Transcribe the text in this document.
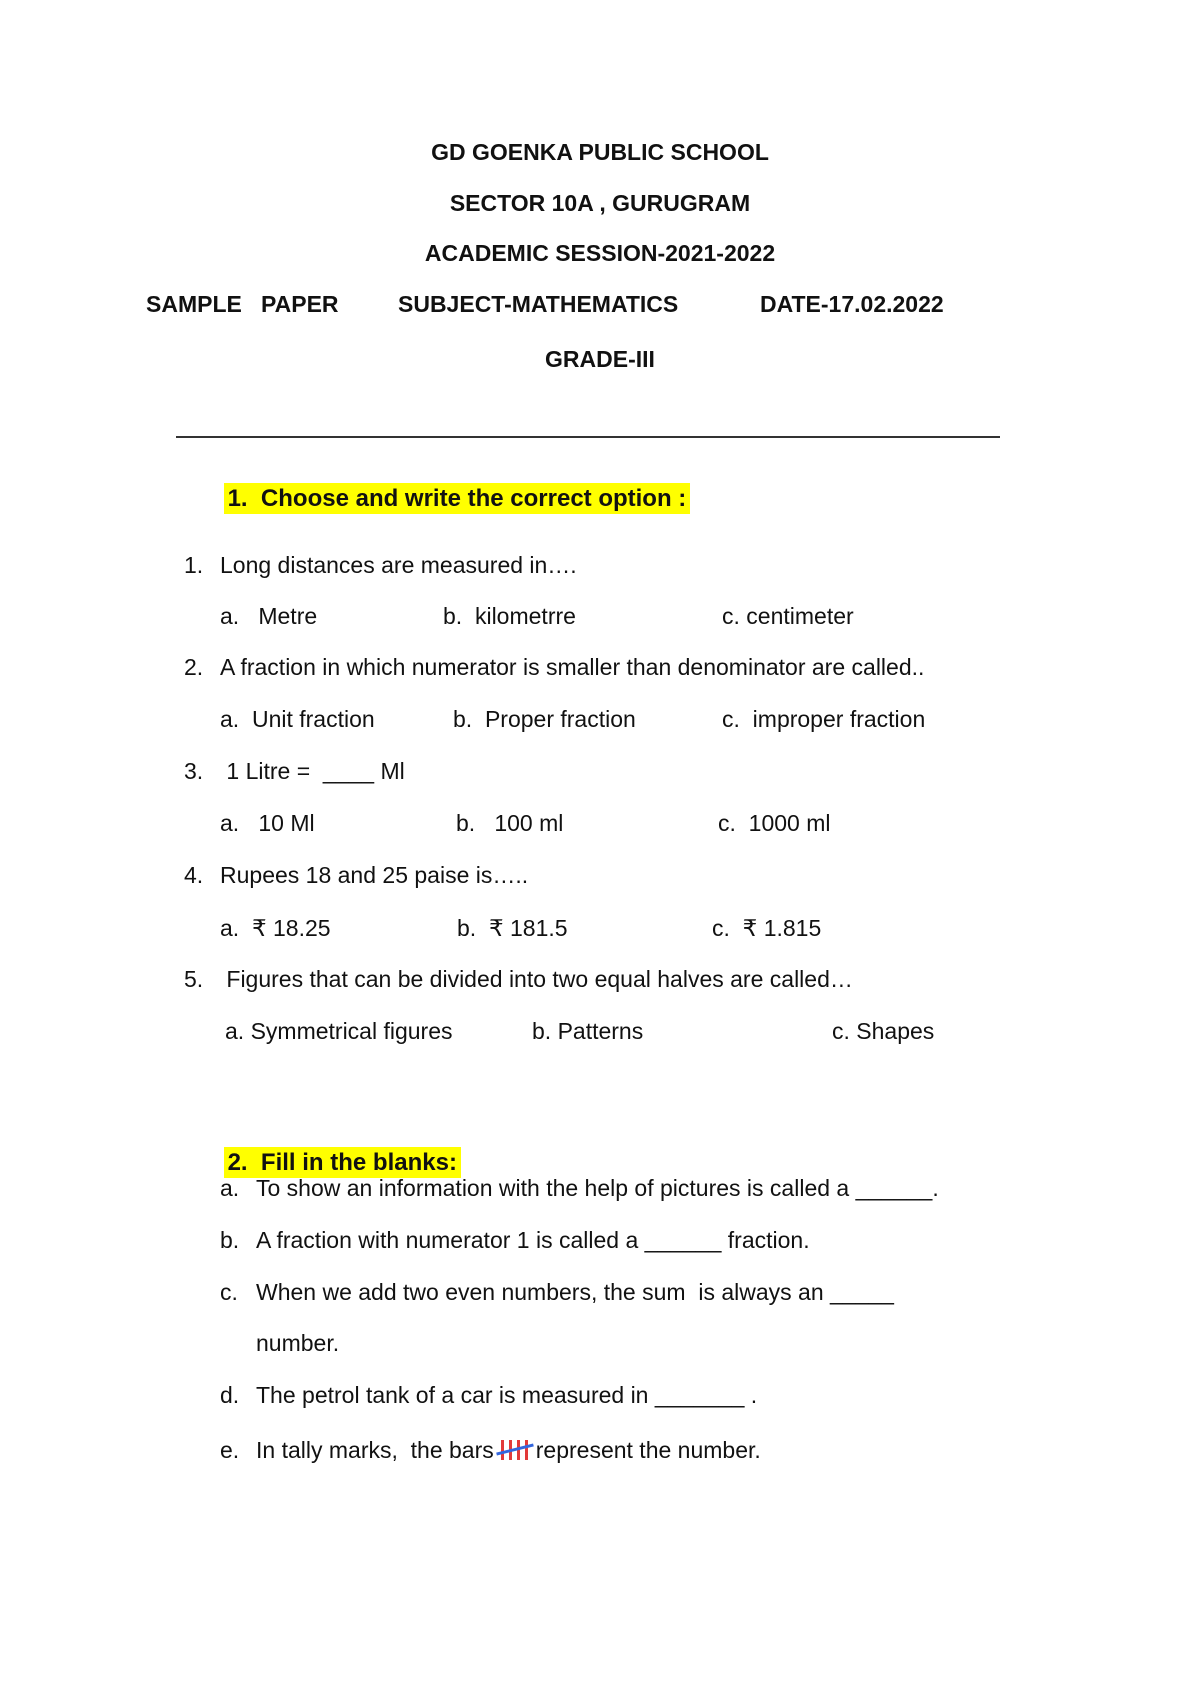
GD GOENKA PUBLIC SCHOOL
SECTOR 10A , GURUGRAM
ACADEMIC SESSION-2021-2022
SAMPLE   PAPER	SUBJECT-MATHEMATICS	DATE-17.02.2022
GRADE-III

1.  Choose and write the correct option :

1. Long distances are measured in….
a.   Metre	b.  kilometrre	c. centimeter
2. A fraction in which numerator is smaller than denominator are called..
a.  Unit fraction	b.  Proper fraction	c.  improper fraction
3. 1 Litre =  ____ Ml
a.   10 Ml	b.   100 ml	c.  1000 ml
4. Rupees 18 and 25 paise is…..
a.  ₹ 18.25	b.  ₹ 181.5	c.  ₹ 1.815
5. Figures that can be divided into two equal halves are called…
a. Symmetrical figures	b. Patterns	c. Shapes

2.  Fill in the blanks:

a. To show an information with the help of pictures is called a ______.
b. A fraction with numerator 1 is called a ______ fraction.
c. When we add two even numbers, the sum  is always an _____
number.
d. The petrol tank of a car is measured in _______ .
e. In tally marks,  the bars represent the number.
